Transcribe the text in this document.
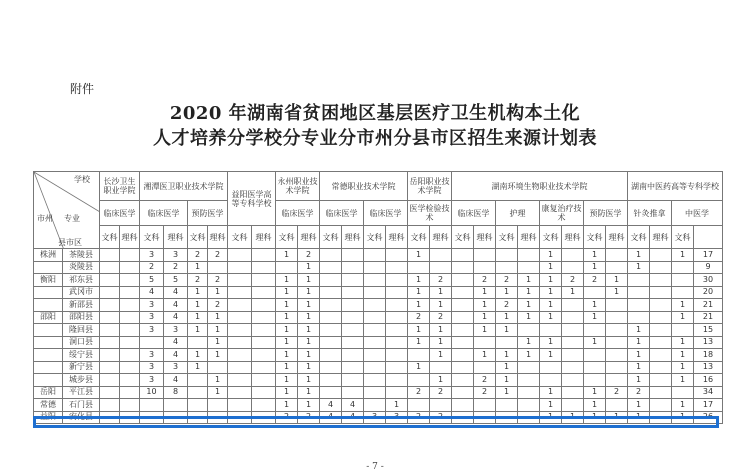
附件
2020 年湖南省贫困地区基层医疗卫生机构本土化
人才培养分学校分专业分市州分县市区招生来源计划表
学校
专业
市州
县市区		长沙卫生职业学院		湘潭医卫职业技术学院				益阳医学高等专科学校		永州职业技术学院		常德职业技术学院				岳阳职业技术学院		湖南环境生物职业技术学院								湖南中医药高等专科学校	
		临床医学		临床医学		预防医学				临床医学		临床医学		临床医学		医学检验技术		临床医学		护理		康复治疗技术		预防医学		针灸推拿		中医学		
		文科	理科	文科	理科	文科	理科	文科	理科	文科	理科	文科	理科	文科	理科	文科	理科	文科	理科	文科	理科	文科	理科	文科	理科	文科	理科	文科		
株洲	茶陵县			3	3	2	2			1	2					1						1		1		1		1	17	
	炎陵县			2	2	1					1											1		1		1			9	
衡阳	祁东县			5	5	2	2			1	1					1	2		2	2	1	1	2	2	1				30	
	武冈市			4	4	1	1			1	1					1	1		1	1	1	1	1		1				20	
	新邵县			3	4	1	2			1	1					1	1		1	2	1	1		1				1	21	
邵阳	邵阳县			3	4	1	1			1	1					2	2		1	1	1	1		1				1	21	
	隆回县			3	3	1	1			1	1					1	1		1	1						1			15	
	洞口县				4		1			1	1					1	1				1	1		1		1		1	13	
	绥宁县			3	4	1	1			1	1						1		1	1	1	1				1		1	18	
	新宁县			3	3	1				1	1					1				1						1		1	13	
	城步县			3	4		1			1	1						1		2	1						1		1	16	
岳阳	平江县			10	8		1			1	1					2	2		2	1		1		1	2	2			34	
常德	石门县									1	1	4	4		1							1		1		1		1	17	
益阳	安化县									2	2	4	4	3	3	2	2					1	1	1	1	1		1	26	
- 7 -
